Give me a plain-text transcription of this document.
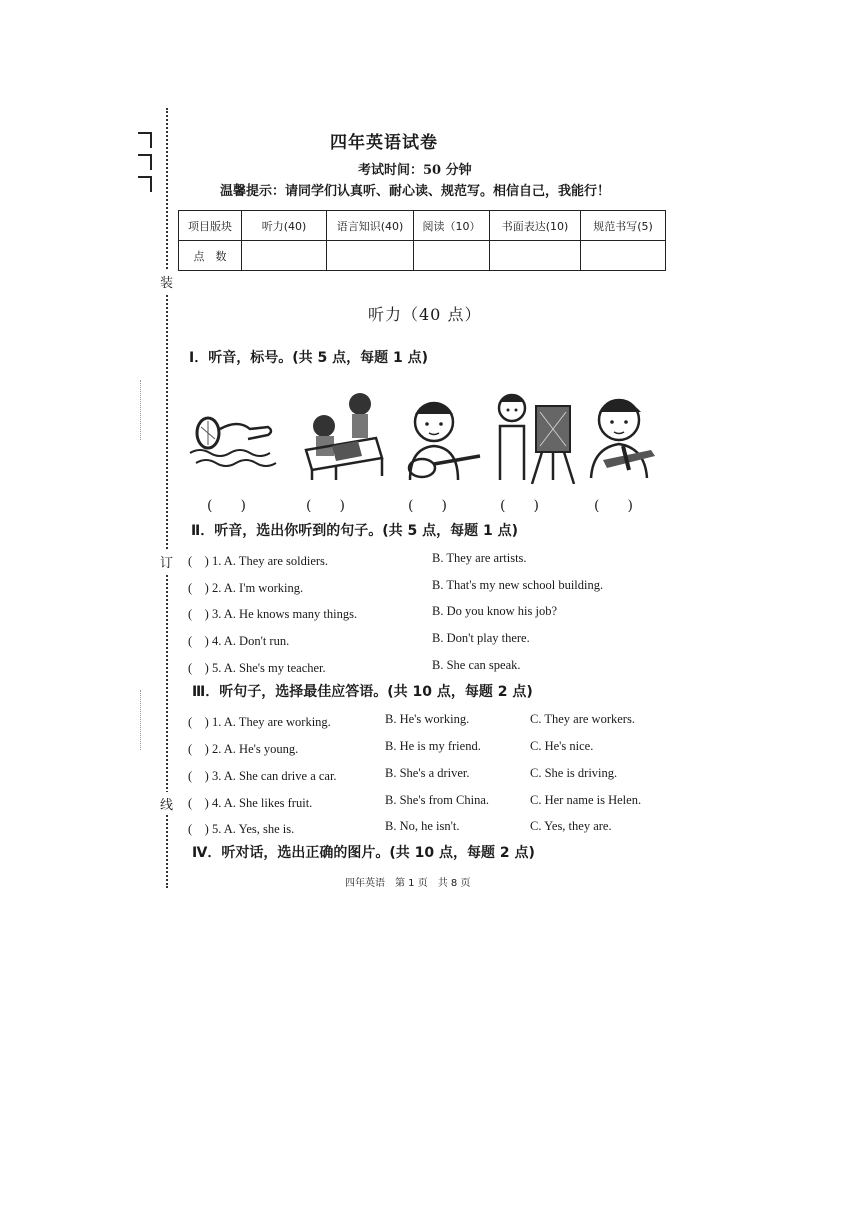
装
订
线
四年英语试卷
考试时间：50 分钟
温馨提示：请同学们认真听、耐心读、规范写。相信自己，我能行！
项目版块	听力(40)	语言知识(40)	阅读（10）	书面表达(10)	规范书写(5)
点　数					
听力（40 点）
I．听音，标号。(共 5 点，每题 1 点)
(　　)	(　　)	(　　)	(　　)	(　　)
Ⅱ．听音，选出你听到的句子。(共 5 点，每题 1 点)
(　) 1. A. They are soldiers.	B. They are artists.
(　) 2. A. I'm working.	B. That's my new school building.
(　) 3. A. He knows many things.	B. Do you know his job?
(　) 4. A. Don't run.	B. Don't play there.
(　) 5. A. She's my teacher.	B. She can speak.
Ⅲ．听句子，选择最佳应答语。(共 10 点，每题 2 点)
(　) 1. A. They are working.	B. He's working.	C. They are workers.
(　) 2. A. He's young.	B. He is my friend.	C. He's nice.
(　) 3. A. She can drive a car.	B. She's a driver.	C. She is driving.
(　) 4. A. She likes fruit.	B. She's from China.	C. Her name is Helen.
(　) 5. A. Yes, she is.	B. No, he isn't.	C. Yes, they are.
Ⅳ．听对话，选出正确的图片。(共 10 点，每题 2 点)
四年英语　第 1 页　共 8 页
